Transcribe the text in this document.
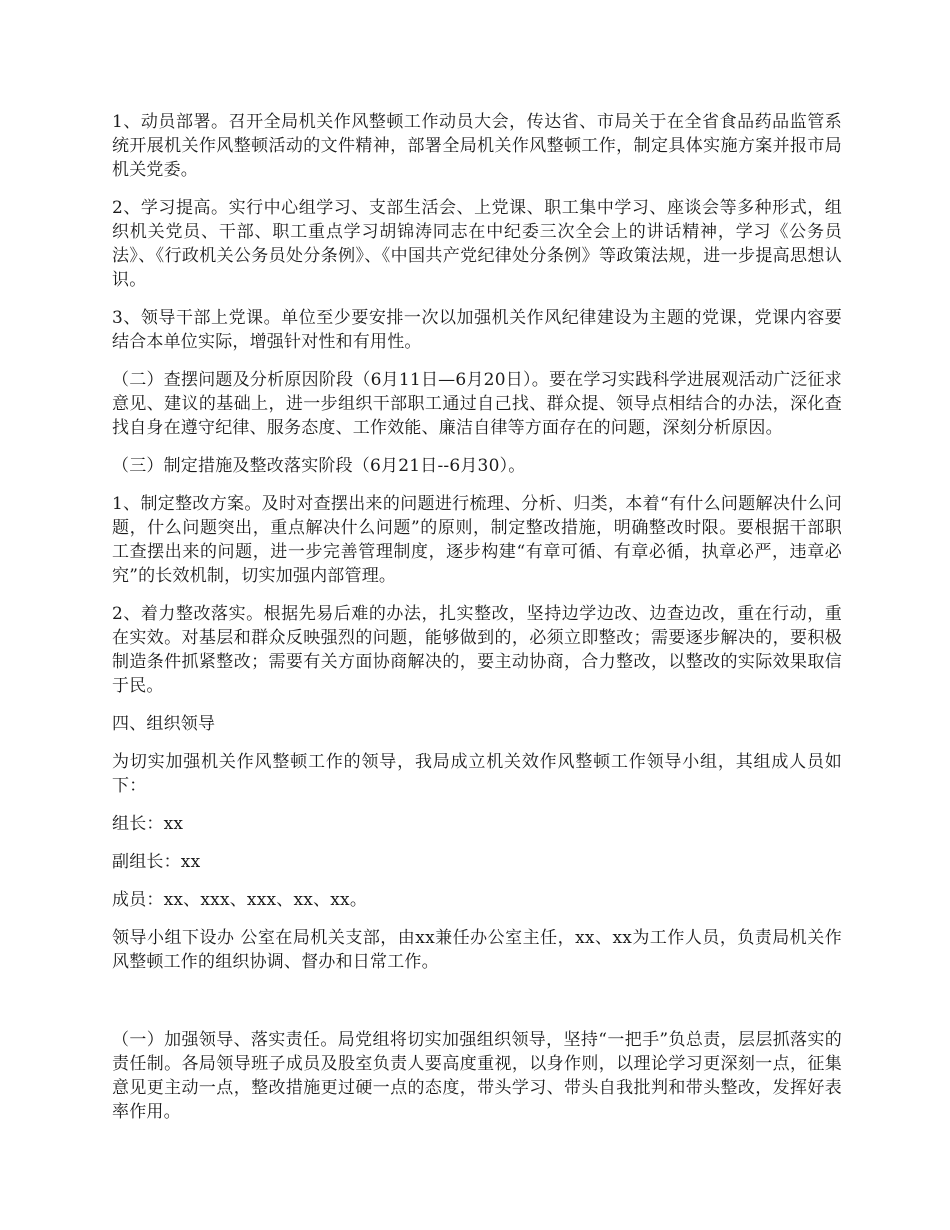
1、动员部署。召开全局机关作风整顿工作动员大会，传达省、市局关于在全省食品药品监管系统开展机关作风整顿活动的文件精神，部署全局机关作风整顿工作，制定具体实施方案并报市局机关党委。

2、学习提高。实行中心组学习、支部生活会、上党课、职工集中学习、座谈会等多种形式，组织机关党员、干部、职工重点学习胡锦涛同志在中纪委三次全会上的讲话精神，学习《公务员法》、《行政机关公务员处分条例》、《中国共产党纪律处分条例》等政策法规，进一步提高思想认识。

3、领导干部上党课。单位至少要安排一次以加强机关作风纪律建设为主题的党课，党课内容要结合本单位实际，增强针对性和有用性。

（二）查摆问题及分析原因阶段（6月11日—6月20日）。要在学习实践科学进展观活动广泛征求意见、建议的基础上，进一步组织干部职工通过自己找、群众提、领导点相结合的办法，深化查找自身在遵守纪律、服务态度、工作效能、廉洁自律等方面存在的问题，深刻分析原因。

（三）制定措施及整改落实阶段（6月21日--6月30）。

1、制定整改方案。及时对查摆出来的问题进行梳理、分析、归类，本着“有什么问题解决什么问题，什么问题突出，重点解决什么问题”的原则，制定整改措施，明确整改时限。要根据干部职工查摆出来的问题，进一步完善管理制度，逐步构建“有章可循、有章必循，执章必严，违章必究”的长效机制，切实加强内部管理。

2、着力整改落实。根据先易后难的办法，扎实整改，坚持边学边改、边查边改，重在行动，重在实效。对基层和群众反映强烈的问题，能够做到的，必须立即整改；需要逐步解决的，要积极制造条件抓紧整改；需要有关方面协商解决的，要主动协商，合力整改，以整改的实际效果取信于民。

四、组织领导

为切实加强机关作风整顿工作的领导，我局成立机关效作风整顿工作领导小组，其组成人员如下：

组长：xx

副组长：xx

成员：xx、xxx、xxx、xx、xx。

领导小组下设办 公室在局机关支部，由xx兼任办公室主任，xx、xx为工作人员，负责局机关作风整顿工作的组织协调、督办和日常工作。

（一）加强领导、落实责任。局党组将切实加强组织领导，坚持“一把手”负总责，层层抓落实的责任制。各局领导班子成员及股室负责人要高度重视，以身作则，以理论学习更深刻一点，征集意见更主动一点，整改措施更过硬一点的态度，带头学习、带头自我批判和带头整改，发挥好表率作用。
